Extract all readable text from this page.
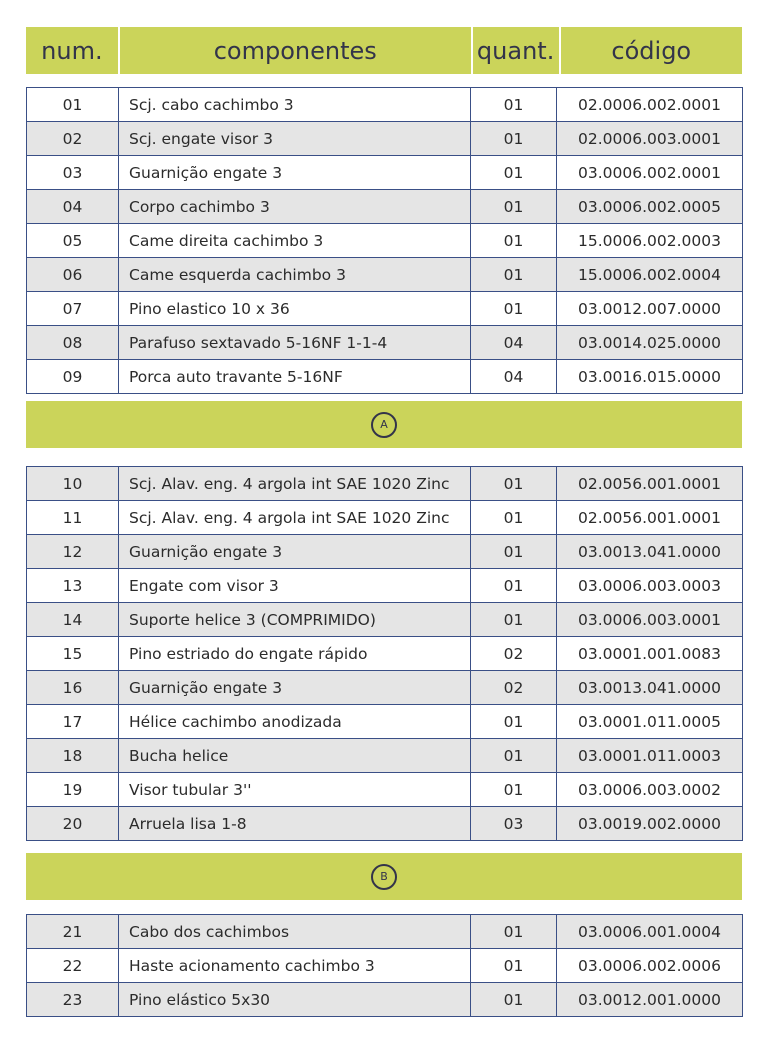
num.	componentes	quant.	código
01	Scj. cabo cachimbo 3	01	02.0006.002.0001
02	Scj. engate visor 3	01	02.0006.003.0001
03	Guarnição engate 3	01	03.0006.002.0001
04	Corpo cachimbo 3	01	03.0006.002.0005
05	Came direita cachimbo 3	01	15.0006.002.0003
06	Came esquerda cachimbo 3	01	15.0006.002.0004
07	Pino elastico 10 x 36	01	03.0012.007.0000
08	Parafuso sextavado 5-16NF 1-1-4	04	03.0014.025.0000
09	Porca auto travante 5-16NF	04	03.0016.015.0000
A
10	Scj. Alav. eng. 4 argola int SAE 1020 Zinc	01	02.0056.001.0001
11	Scj. Alav. eng. 4 argola int SAE 1020 Zinc	01	02.0056.001.0001
12	Guarnição engate 3	01	03.0013.041.0000
13	Engate com visor 3	01	03.0006.003.0003
14	Suporte helice 3 (COMPRIMIDO)	01	03.0006.003.0001
15	Pino estriado do engate rápido	02	03.0001.001.0083
16	Guarnição engate 3	02	03.0013.041.0000
17	Hélice cachimbo anodizada	01	03.0001.011.0005
18	Bucha helice	01	03.0001.011.0003
19	Visor tubular 3''	01	03.0006.003.0002
20	Arruela lisa 1-8	03	03.0019.002.0000
B
21	Cabo dos cachimbos	01	03.0006.001.0004
22	Haste acionamento cachimbo 3	01	03.0006.002.0006
23	Pino elástico 5x30	01	03.0012.001.0000
